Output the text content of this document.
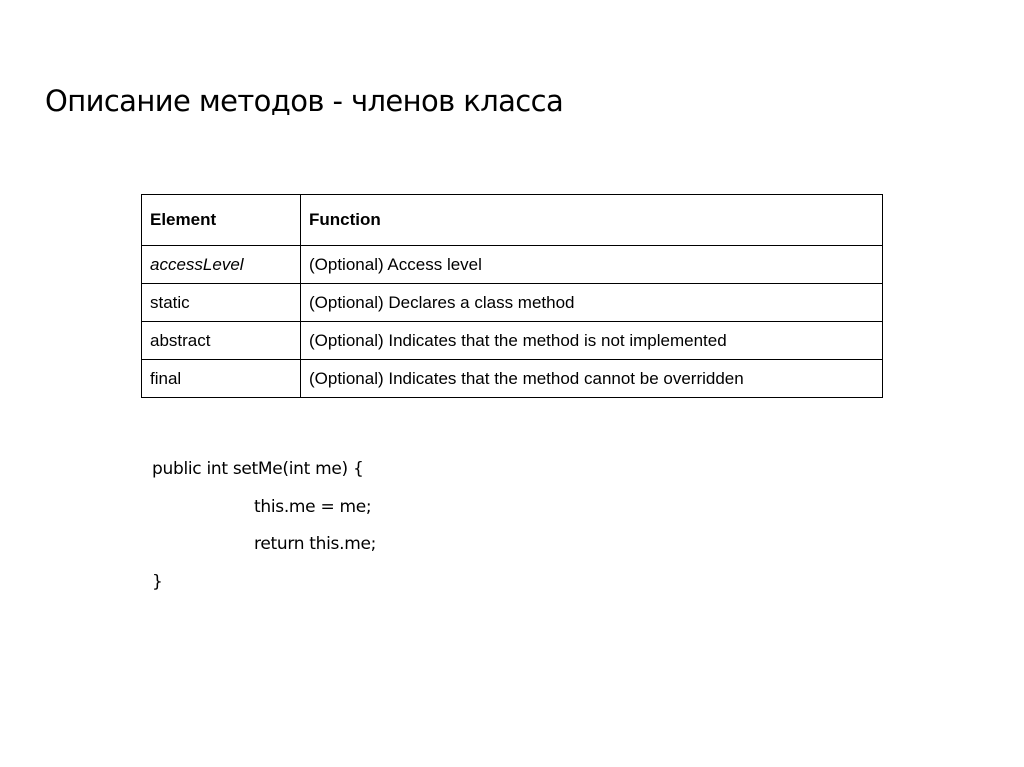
Описание методов - членов класса
Element	Function
accessLevel	(Optional) Access level
static	(Optional) Declares a class method
abstract	(Optional) Indicates that the method is not implemented
final	(Optional) Indicates that the method cannot be overridden
public int setMe(int me) {
this.me = me;
return this.me;
}
